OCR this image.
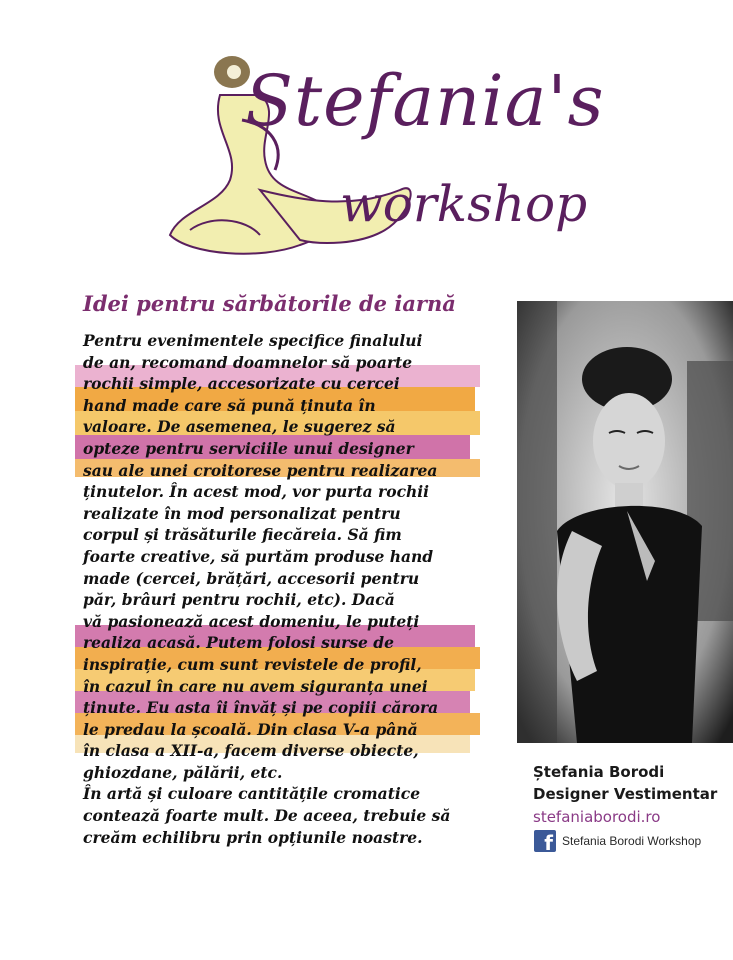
Stefania's
workshop
Idei pentru sărbătorile de iarnă

Pentru evenimentele specifice finalului

de an, recomand doamnelor să poarte

rochii simple, accesorizate cu cercei

hand made care să pună ținuta în

valoare. De asemenea, le sugerez să

opteze pentru serviciile unui designer

sau ale unei croitorese pentru realizarea

ținutelor. În acest mod, vor purta rochii

realizate în mod personalizat pentru

corpul și trăsăturile fiecăreia. Să fim

foarte creative, să purtăm produse hand

made (cercei, brățări, accesorii pentru

păr, brâuri pentru rochii, etc). Dacă

vă pasionează acest domeniu, le puteți

realiza acasă. Putem folosi surse de

inspirație, cum sunt revistele de profil,

în cazul în care nu avem siguranța unei

ținute. Eu asta îi învăț și pe copiii cărora

le predau la școală. Din clasa V-a până

în clasa a XII-a, facem diverse obiecte,

ghiozdane, pălării, etc.

În artă și culoare cantitățile cromatice

contează foarte mult. De aceea, trebuie să

creăm echilibru prin opțiunile noastre.

Ștefania Borodi
Designer Vestimentar
stefaniaborodi.ro
f Stefania Borodi Workshop
